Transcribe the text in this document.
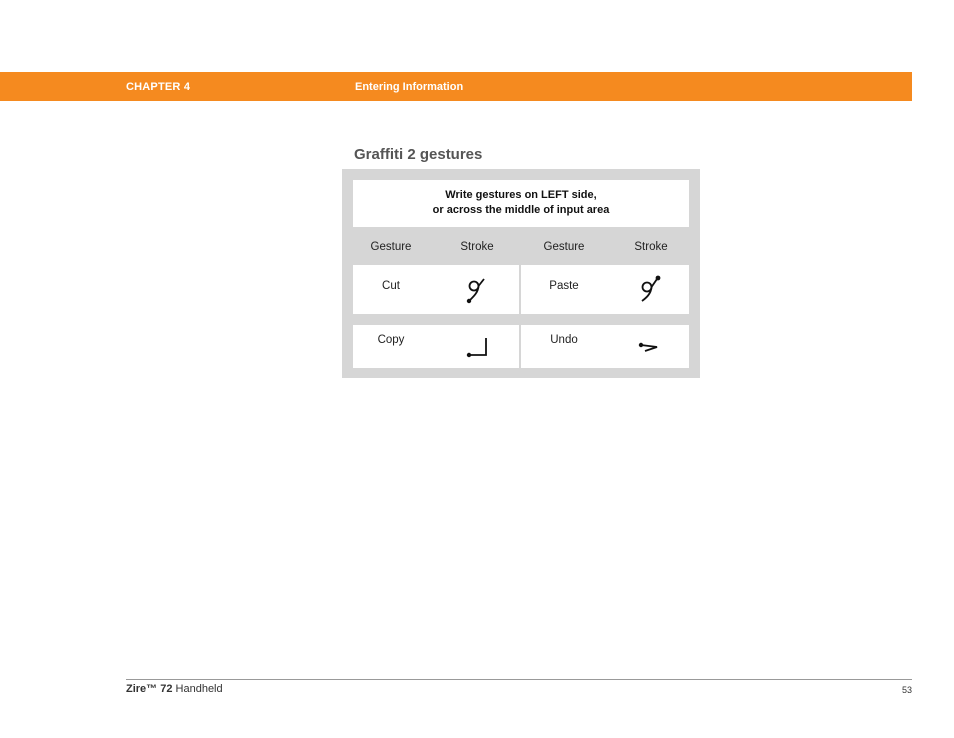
CHAPTER 4	Entering Information
Graffiti 2 gestures
Write gestures on LEFT side,
or across the middle of input area
Gesture	Stroke	Gesture	Stroke
Cut	Paste
Copy	Undo
Zire™ 72 Handheld	53
